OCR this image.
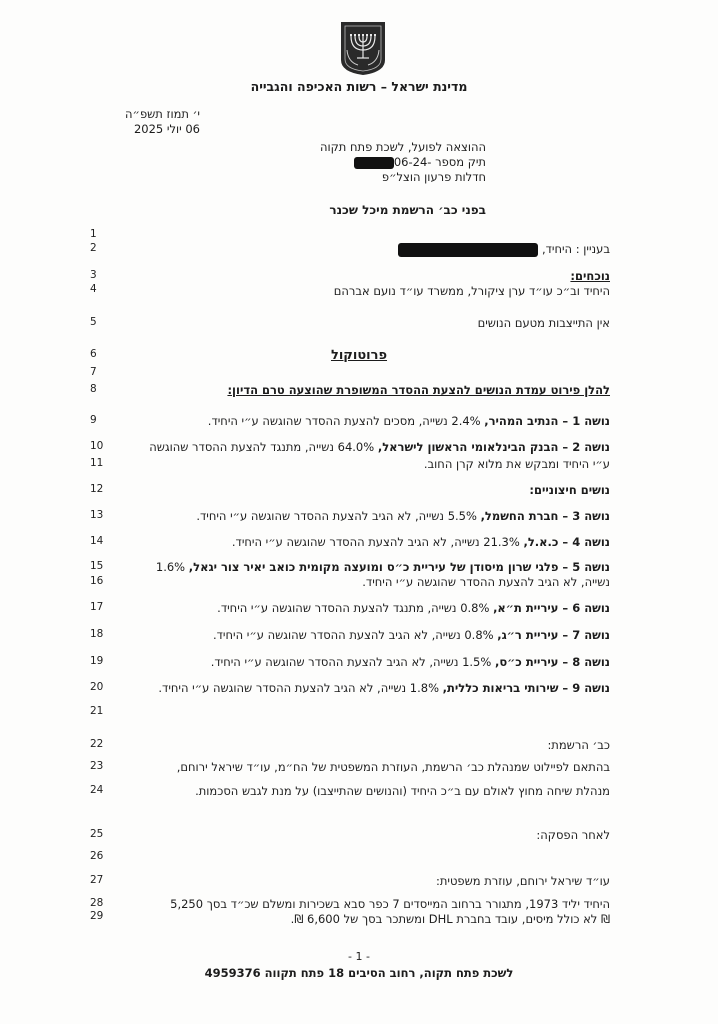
מדינת ישראל – רשות האכיפה והגבייה
י׳ תמוז תשפ״ה
06 יולי 2025
ההוצאה לפועל, לשכת פתח תקוה
תיק מספר -06-24
חדלות פרעון הוצל״פ
בפני כב׳ הרשמת מיכל שכנר
1
2
3
4
5
6
7
8
9
10
11
12
13
14
15
16
17
18
19
20
21
22
23
24
25
26
27
28
29
בעניין : היחיד,
נוכחים:
היחיד וב״כ עו״ד ערן ציקורל, ממשרד עו״ד נועם אברהם
אין התייצבות מטעם הנושים
פרוטוקול
להלן פירוט עמדת הנושים להצעת ההסדר המשופרת שהוצעה טרם הדיון:
נושה 1 – הנתיב המהיר, 2.4% נשייה, מסכים להצעת ההסדר שהוגשה ע״י היחיד.
נושה 2 – הבנק הבינלאומי הראשון לישראל, 64.0% נשייה, מתנגד להצעת ההסדר שהוגשה
ע״י היחיד ומבקש את מלוא קרן החוב.
נושים חיצוניים:
נושה 3 – חברת החשמל, 5.5% נשייה, לא הגיב להצעת ההסדר שהוגשה ע״י היחיד.
נושה 4 – כ.א.ל, 21.3% נשייה, לא הגיב להצעת ההסדר שהוגשה ע״י היחיד.
נושה 5 – פלגי שרון מיסודן של עיריית כ״ס ומועצה מקומית כואב יאיר צור יגאל, 1.6%
נשייה, לא הגיב להצעת ההסדר שהוגשה ע״י היחיד.
נושה 6 – עיריית ת״א, 0.8% נשייה, מתנגד להצעת ההסדר שהוגשה ע״י היחיד.
נושה 7 – עיריית ר״ג, 0.8% נשייה, לא הגיב להצעת ההסדר שהוגשה ע״י היחיד.
נושה 8 – עיריית כ״ס, 1.5% נשייה, לא הגיב להצעת ההסדר שהוגשה ע״י היחיד.
נושה 9 – שירותי בריאות כללית, 1.8% נשייה, לא הגיב להצעת ההסדר שהוגשה ע״י היחיד.
כב׳ הרשמת:
בהתאם לפיילוט שמנהלת כב׳ הרשמת, העוזרת המשפטית של הח״מ, עו״ד שיראל ירוחם,
מנהלת שיחה מחוץ לאולם עם ב״כ היחיד (והנושים שהתייצבו) על מנת לגבש הסכמות.
לאחר הפסקה:
עו״ד שיראל ירוחם, עוזרת משפטית:
היחיד יליד 1973, מתגורר ברחוב המייסדים 7 כפר סבא בשכירות ומשלם שכ״ד בסך 5,250
₪ לא כולל מיסים, עובד בחברת DHL ומשתכר בסך של 6,600 ₪.
- 1 -
לשכת פתח תקוה, רחוב הסיבים 18 פתח תקווה 4959376
